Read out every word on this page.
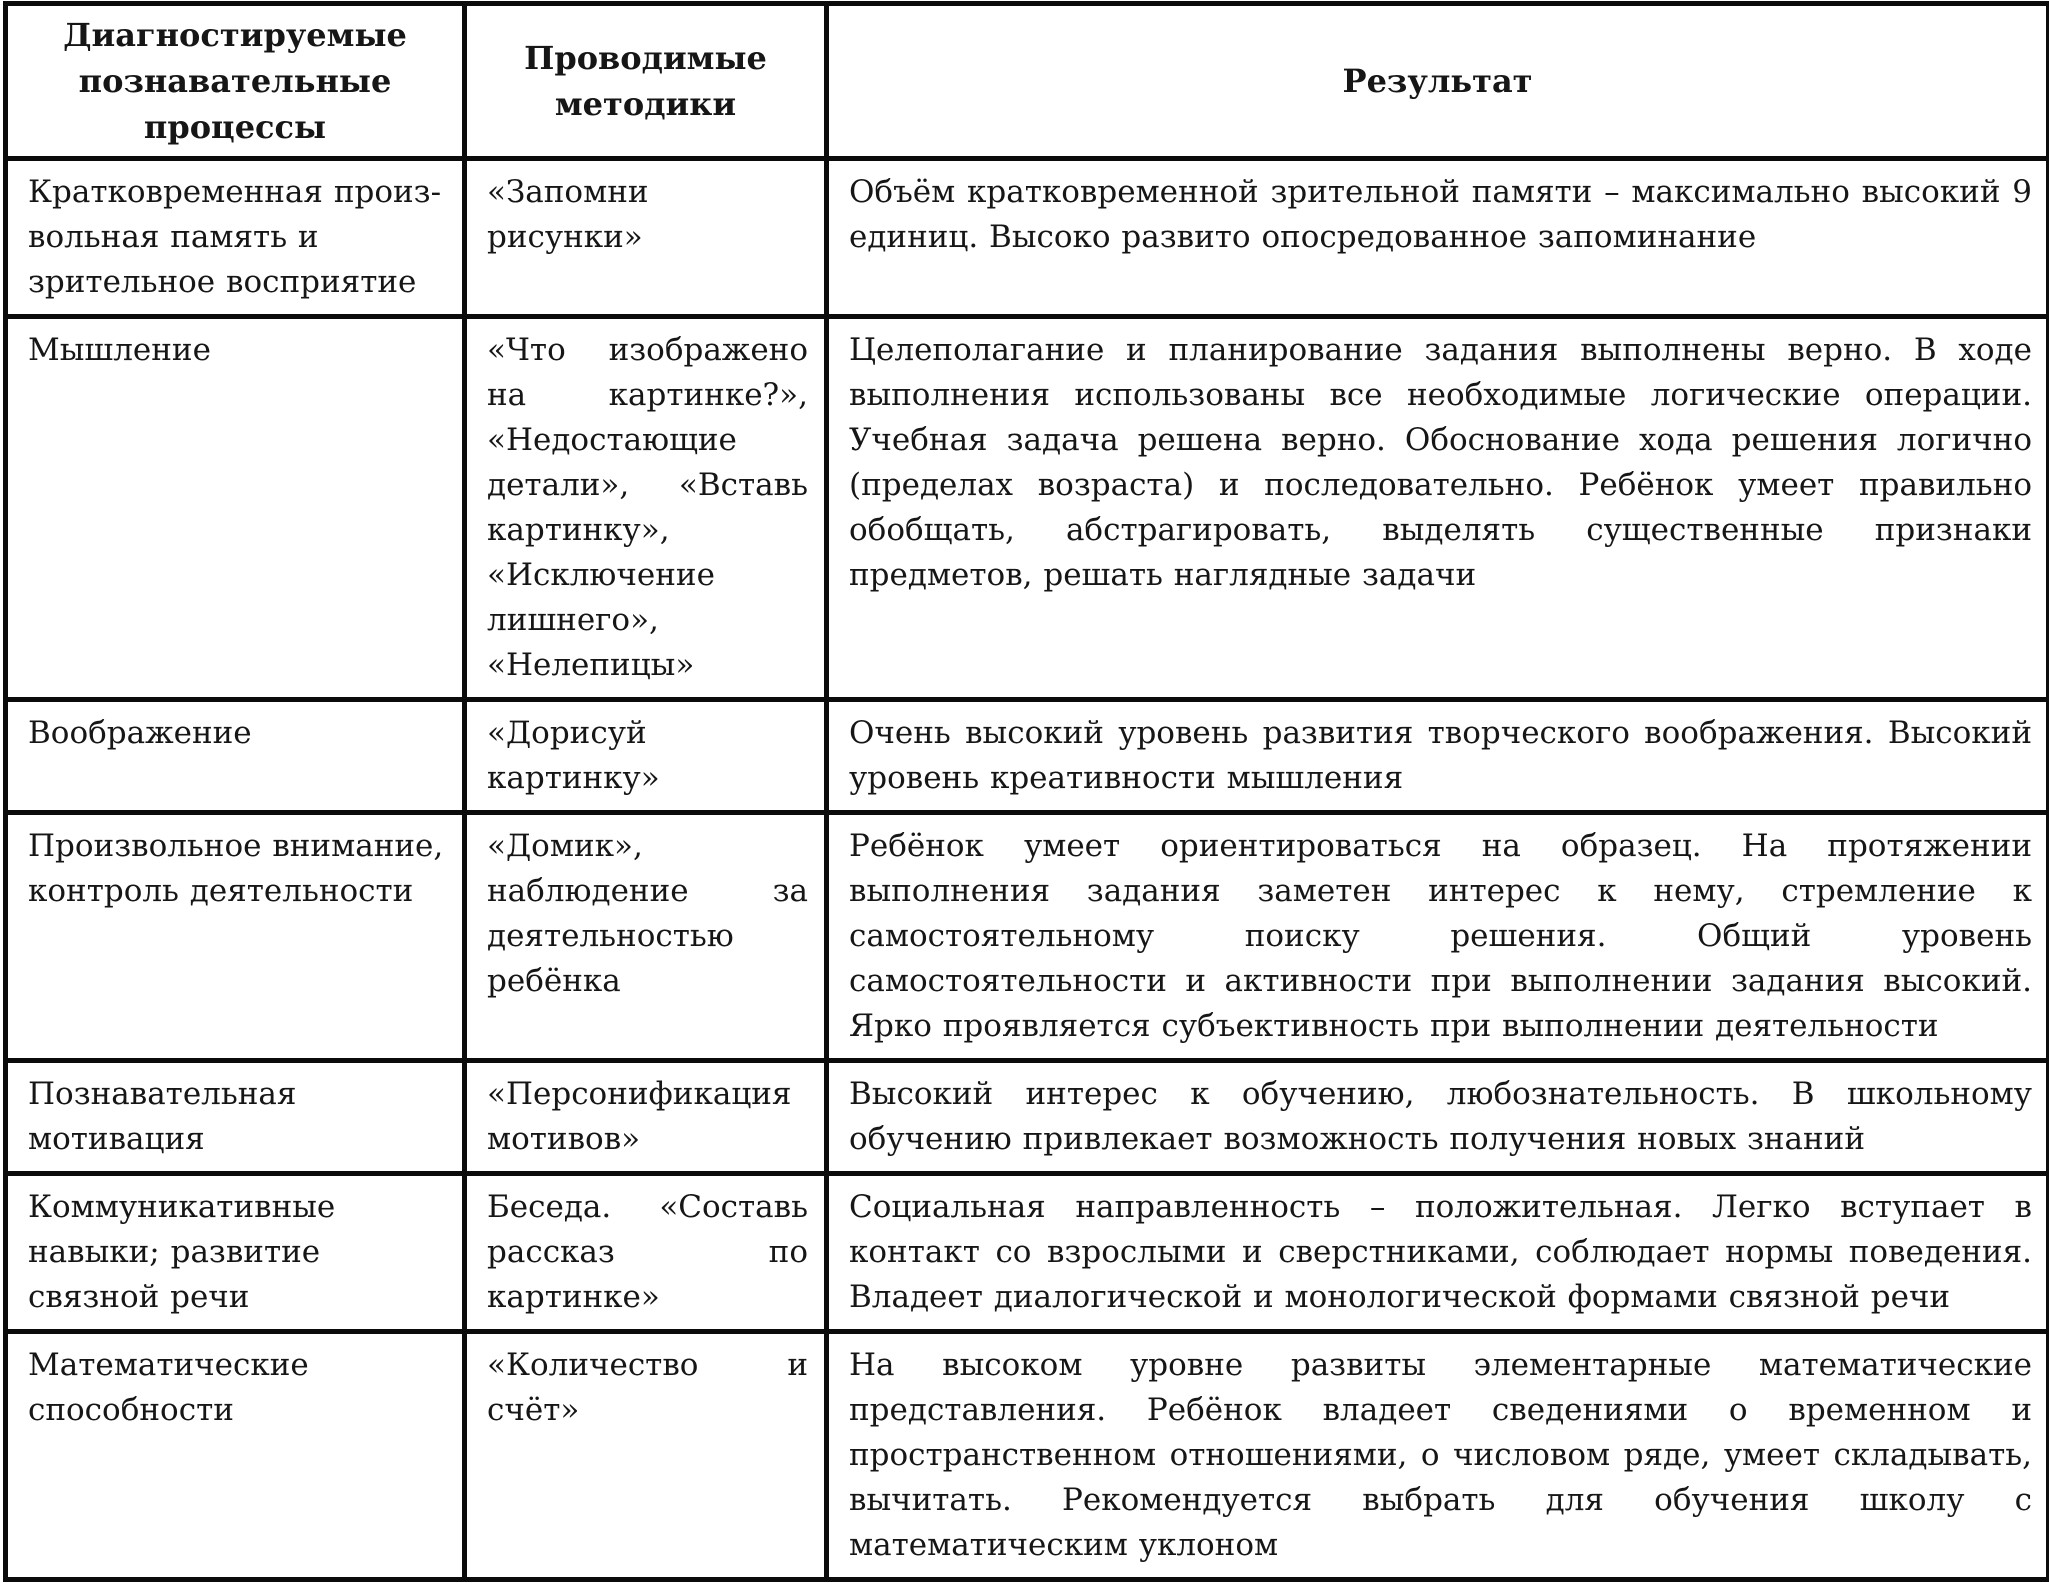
Диагностируемые познавательные процессы	Проводимые методики	Результат
Кратковременная произвольная память и зрительное восприятие	«Запомни рисунки»	Объём кратковременной зрительной памяти – максимально высокий 9 единиц. Высоко развито опосредованное запоминание
Мышление	«Что изображено на картинке?», «Недостающие детали», «Вставь картинку», «Исключение лишнего», «Нелепицы»	Целеполагание и планирование задания выполнены верно. В ходе выполнения использованы все необходимые логические операции. Учебная задача решена верно. Обоснование хода решения логично (пределах возраста) и последовательно. Ребёнок умеет правильно обобщать, абстрагировать, выделять существенные признаки предметов, решать наглядные задачи
Воображение	«Дорисуй картинку»	Очень высокий уровень развития творческого воображения. Высокий уровень креативности мышления
Произвольное внимание, контроль деятельности	«Домик», наблюдение за деятельностью ребёнка	Ребёнок умеет ориентироваться на образец. На протяжении выполнения задания заметен интерес к нему, стремление к самостоятельному поиску решения. Общий уровень самостоятельности и активности при выполнении задания высокий. Ярко проявляется субъективность при выполнении деятельности
Познавательная мотивация	«Персонификация мотивов»	Высокий интерес к обучению, любознательность. В школьному обучению привлекает возможность получения новых знаний
Коммуникативные навыки; развитие связной речи	Беседа. «Составь рассказ по картинке»	Социальная направленность – положительная. Легко вступает в контакт со взрослыми и сверстниками, соблюдает нормы поведения. Владеет диалогической и монологической формами связной речи
Математические способности	«Количество и счёт»	На высоком уровне развиты элементарные математические представления. Ребёнок владеет сведениями о временном и пространственном отношениями, о числовом ряде, умеет складывать, вычитать. Рекомендуется выбрать для обучения школу с математическим уклоном
